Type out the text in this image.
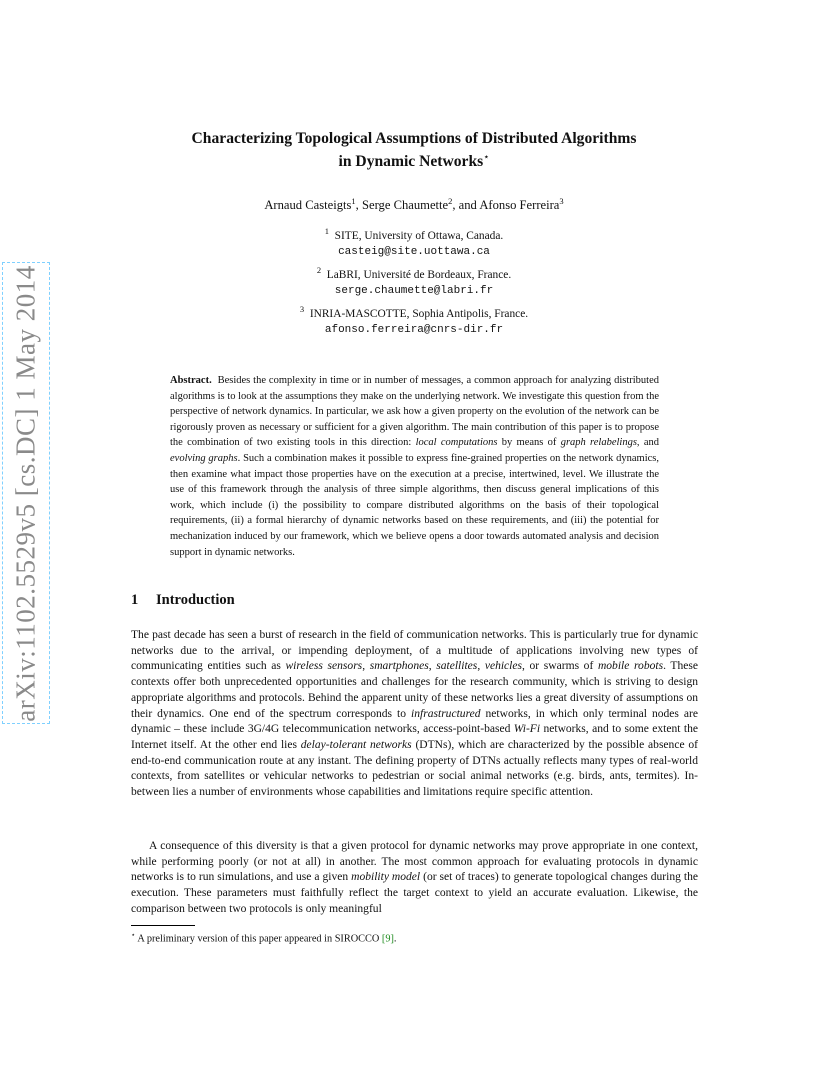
arXiv:1102.5529v5 [cs.DC] 1 May 2014
Characterizing Topological Assumptions of Distributed Algorithms
in Dynamic Networks⋆
Arnaud Casteigts$^1$, Serge Chaumette$^2$, and Afonso Ferreira$^3$
$^1$ SITE, University of Ottawa, Canada.
casteig@site.uottawa.ca
$^2$ LaBRI, Université de Bordeaux, France.
serge.chaumette@labri.fr
$^3$ INRIA-MASCOTTE, Sophia Antipolis, France.
afonso.ferreira@cnrs-dir.fr

Abstract. Besides the complexity in time or in number of messages, a common approach for analyzing distributed algorithms is to look at the assumptions they make on the underlying network. We investigate this question from the perspective of network dynamics. In particular, we ask how a given property on the evolution of the network can be rigorously proven as necessary or sufficient for a given algorithm. The main contribution of this paper is to propose the combination of two existing tools in this direction: local computations by means of graph relabelings, and evolving graphs. Such a combination makes it possible to express fine-grained properties on the network dynamics, then examine what impact those properties have on the execution at a precise, intertwined, level. We illustrate the use of this framework through the analysis of three simple algorithms, then discuss general implications of this work, which include (i) the possibility to compare distributed algorithms on the basis of their topological requirements, (ii) a formal hierarchy of dynamic networks based on these requirements, and (iii) the potential for mechanization induced by our framework, which we believe opens a door towards automated analysis and decision support in dynamic networks.

1 Introduction

The past decade has seen a burst of research in the field of communication networks. This is particularly true for dynamic networks due to the arrival, or impending deployment, of a multitude of applications involving new types of communicating entities such as wireless sensors, smartphones, satellites, vehicles, or swarms of mobile robots. These contexts offer both unprecedented opportunities and challenges for the research community, which is striving to design appropriate algorithms and protocols. Behind the apparent unity of these networks lies a great diversity of assumptions on their dynamics. One end of the spectrum corresponds to infrastructured networks, in which only terminal nodes are dynamic – these include 3G/4G telecommunication networks, access-point-based Wi-Fi networks, and to some extent the Internet itself. At the other end lies delay-tolerant networks (DTNs), which are characterized by the possible absence of end-to-end communication route at any instant. The defining property of DTNs actually reflects many types of real-world contexts, from satellites or vehicular networks to pedestrian or social animal networks (e.g. birds, ants, termites). In-between lies a number of environments whose capabilities and limitations require specific attention.

A consequence of this diversity is that a given protocol for dynamic networks may prove appropriate in one context, while performing poorly (or not at all) in another. The most common approach for evaluating protocols in dynamic networks is to run simulations, and use a given mobility model (or set of traces) to generate topological changes during the execution. These parameters must faithfully reflect the target context to yield an accurate evaluation. Likewise, the comparison between two protocols is only meaningful

⋆ A preliminary version of this paper appeared in SIROCCO [9].
